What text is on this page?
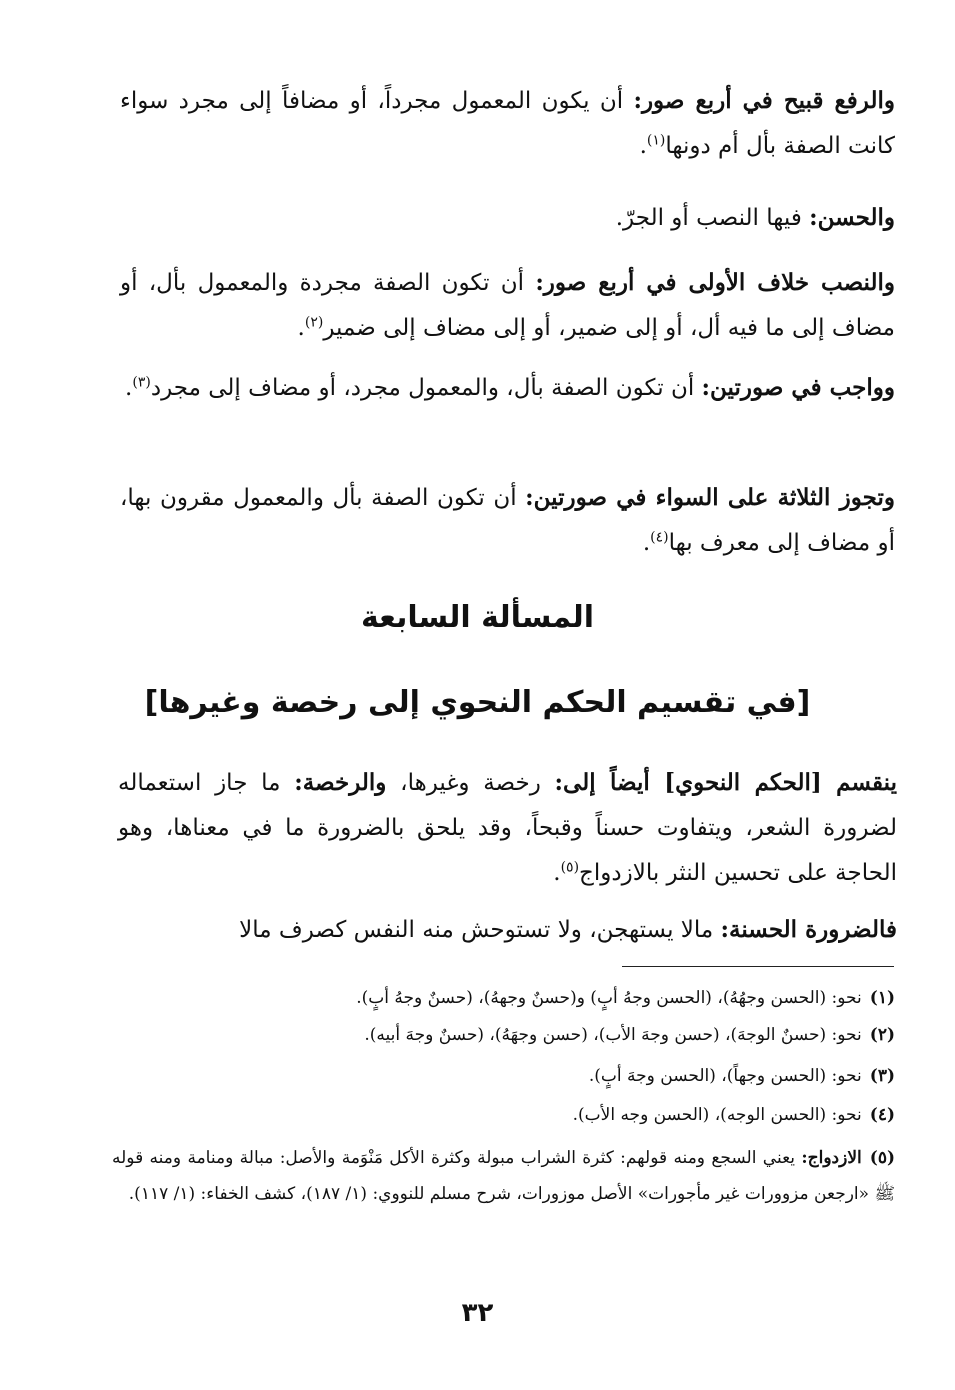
والرفع قبيح في أربع صور: أن يكون المعمول مجرداً، أو مضافاً إلى مجرد سواء كانت الصفة بأل أم دونها$^{(١)}$.

والحسن: فيها النصب أو الجرّ.

والنصب خلاف الأولى في أربع صور: أن تكون الصفة مجردة والمعمول بأل، أو مضاف إلى ما فيه أل، أو إلى ضمير، أو إلى مضاف إلى ضمير$^{(٢)}$.

وواجب في صورتين: أن تكون الصفة بأل، والمعمول مجرد، أو مضاف إلى مجرد$^{(٣)}$.

وتجوز الثلاثة على السواء في صورتين: أن تكون الصفة بأل والمعمول مقرون بها، أو مضاف إلى معرف بها$^{(٤)}$.

المسألة السابعة
[في تقسيم الحكم النحوي إلى رخصة وغيرها]

ينقسم [الحكم النحوي] أيضاً إلى: رخصة وغيرها، والرخصة: ما جاز استعماله لضرورة الشعر، ويتفاوت حسناً وقبحاً، وقد يلحق بالضرورة ما في معناها، وهو الحاجة على تحسين النثر بالازدواج$^{(٥)}$.

فالضرورة الحسنة: مالا يستهجن، ولا تستوحش منه النفس كصرف مالا

(١)نحو: (الحسن وجهُهُ)، (الحسن وجهُ أبٍ) و(حسنٌ وجههُ)، (حسنٌ وجهُ أبٍ).
(٢)نحو: (حسنٌ الوجهَ)، (حسن وجهَ الأب)، (حسن وجهَهُ)، (حسنٌ وجهَ أبيه).
(٣)نحو: (الحسن وجهاً)، (الحسن وجهَ أبٍ).
(٤)نحو: (الحسن الوجه)، (الحسن وجه الأب).
(٥)الازدواج: يعني السجع ومنه قولهم: كثرة الشراب مبولة وكثرة الأكل مَنْوَمة والأصل: مبالة ومنامة ومنه قوله ﷺ «ارجعن مزوورات غير مأجورات» الأصل موزورات، شرح مسلم للنووي: (١/ ١٨٧)، كشف الخفاء: (١/ ١١٧).
٣٢
